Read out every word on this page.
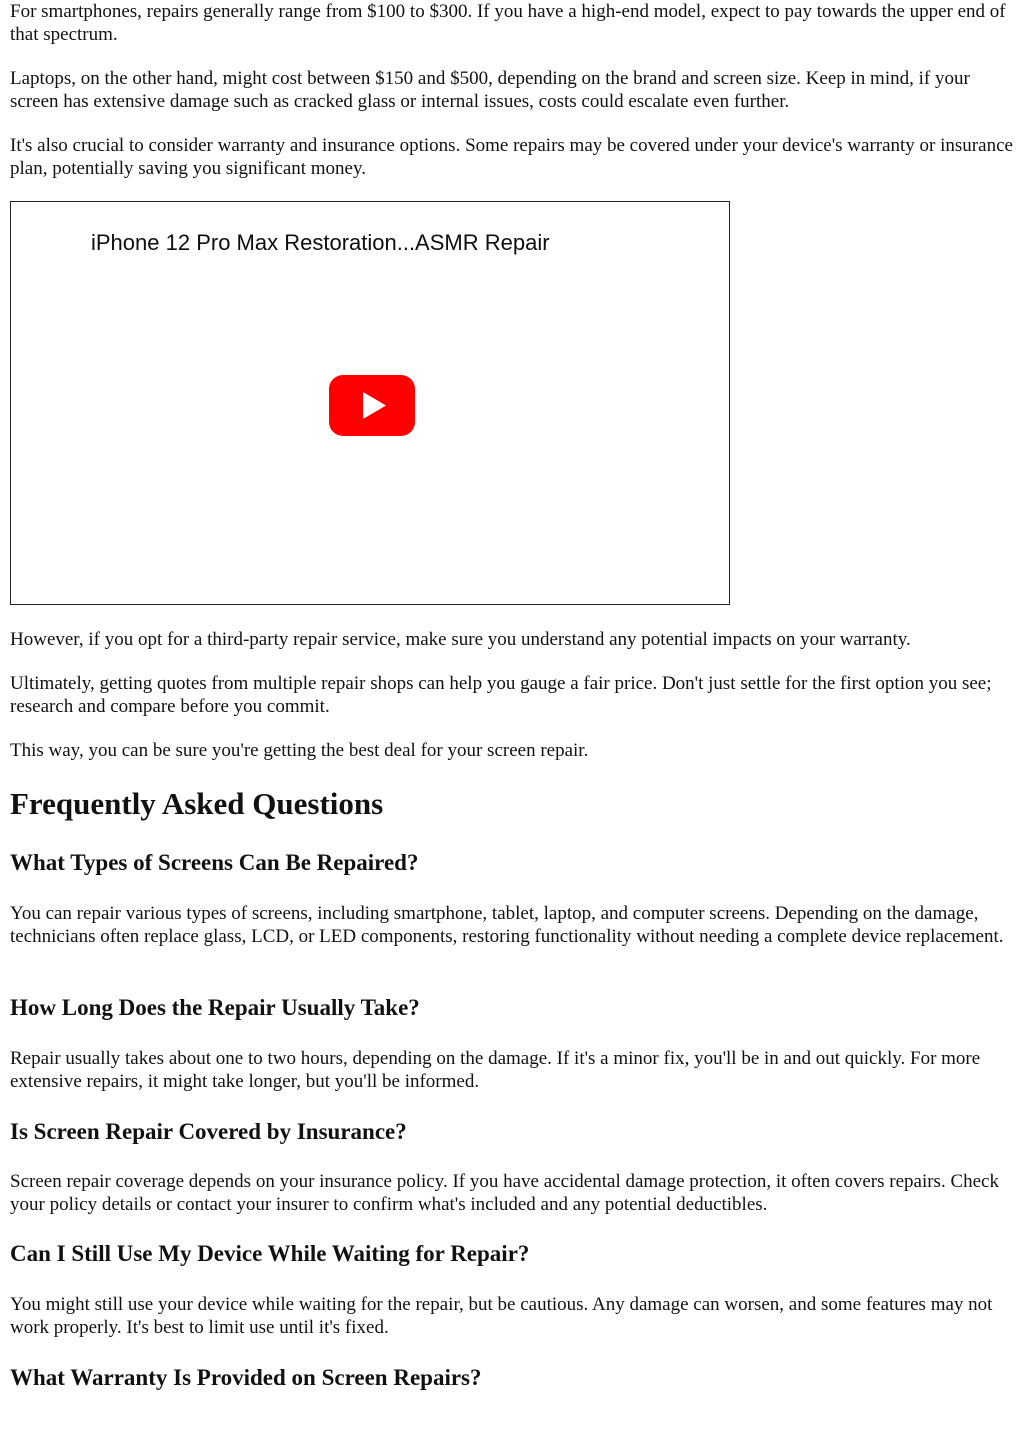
For smartphones, repairs generally range from $100 to $300. If you have a high-end model, expect to pay towards the upper end of that spectrum.

Laptops, on the other hand, might cost between $150 and $500, depending on the brand and screen size. Keep in mind, if your screen has extensive damage such as cracked glass or internal issues, costs could escalate even further.

It's also crucial to consider warranty and insurance options. Some repairs may be covered under your device's warranty or insurance plan, potentially saving you significant money.

iPhone 12 Pro Max Restoration...ASMR Repair

However, if you opt for a third-party repair service, make sure you understand any potential impacts on your warranty.

Ultimately, getting quotes from multiple repair shops can help you gauge a fair price. Don't just settle for the first option you see; research and compare before you commit.

This way, you can be sure you're getting the best deal for your screen repair.

Frequently Asked Questions
What Types of Screens Can Be Repaired?

You can repair various types of screens, including smartphone, tablet, laptop, and computer screens. Depending on the damage, technicians often replace glass, LCD, or LED components, restoring functionality without needing a complete device replacement.

How Long Does the Repair Usually Take?

Repair usually takes about one to two hours, depending on the damage. If it's a minor fix, you'll be in and out quickly. For more extensive repairs, it might take longer, but you'll be informed.

Is Screen Repair Covered by Insurance?

Screen repair coverage depends on your insurance policy. If you have accidental damage protection, it often covers repairs. Check your policy details or contact your insurer to confirm what's included and any potential deductibles.

Can I Still Use My Device While Waiting for Repair?

You might still use your device while waiting for the repair, but be cautious. Any damage can worsen, and some features may not work properly. It's best to limit use until it's fixed.

What Warranty Is Provided on Screen Repairs?
